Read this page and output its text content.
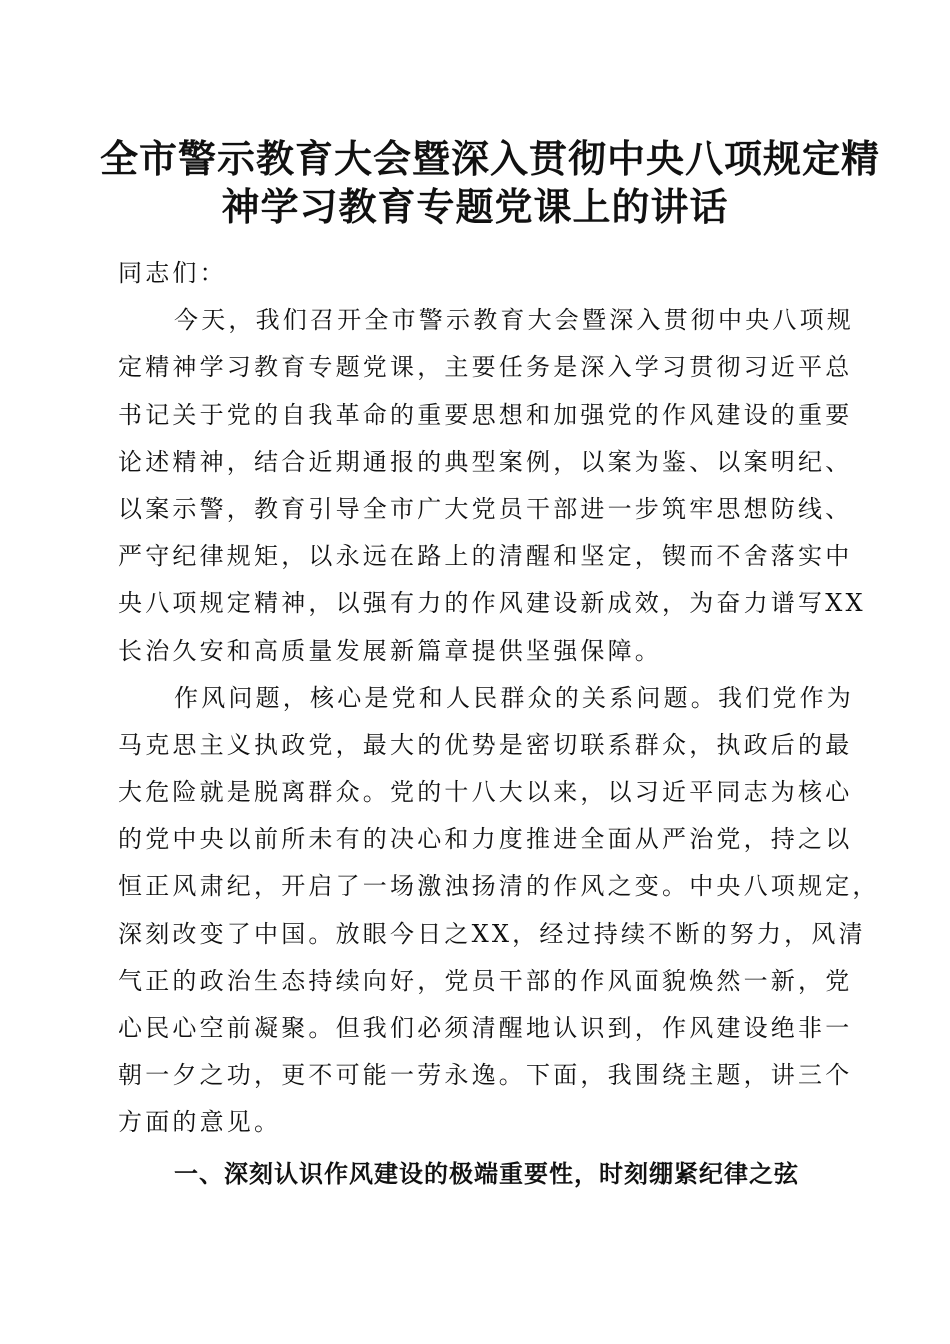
全市警示教育大会暨深入贯彻中央八项规定精
神学习教育专题党课上的讲话
同志们：
今天，我们召开全市警示教育大会暨深入贯彻中央八项规
定精神学习教育专题党课，主要任务是深入学习贯彻习近平总
书记关于党的自我革命的重要思想和加强党的作风建设的重要
论述精神，结合近期通报的典型案例，以案为鉴、以案明纪、
以案示警，教育引导全市广大党员干部进一步筑牢思想防线、
严守纪律规矩，以永远在路上的清醒和坚定，锲而不舍落实中
央八项规定精神，以强有力的作风建设新成效，为奋力谱写XX
长治久安和高质量发展新篇章提供坚强保障。
作风问题，核心是党和人民群众的关系问题。我们党作为
马克思主义执政党，最大的优势是密切联系群众，执政后的最
大危险就是脱离群众。党的十八大以来，以习近平同志为核心
的党中央以前所未有的决心和力度推进全面从严治党，持之以
恒正风肃纪，开启了一场激浊扬清的作风之变。中央八项规定，
深刻改变了中国。放眼今日之XX，经过持续不断的努力，风清
气正的政治生态持续向好，党员干部的作风面貌焕然一新，党
心民心空前凝聚。但我们必须清醒地认识到，作风建设绝非一
朝一夕之功，更不可能一劳永逸。下面，我围绕主题，讲三个
方面的意见。
一、深刻认识作风建设的极端重要性，时刻绷紧纪律之弦
